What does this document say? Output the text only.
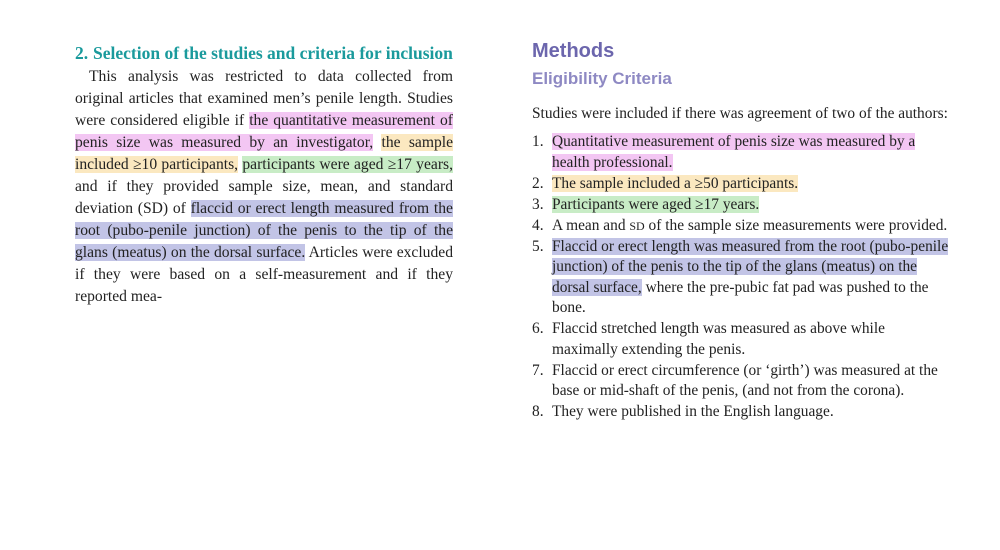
2. Selection of the studies and criteria for inclusion

This analysis was restricted to data collected from original articles that examined men’s penile length. Studies were considered eligible if the quantitative measurement of penis size was measured by an investigator, the sample included ≥10 participants, participants were aged ≥17 years, and if they provided sample size, mean, and standard deviation (SD) of flaccid or erect length measured from the root (pubo-penile junction) of the penis to the tip of the glans (meatus) on the dorsal surface. Articles were excluded if they were based on a self-measurement and if they reported mea-

Methods
Eligibility Criteria

Studies were included if there was agreement of two of the authors:

1. Quantitative measurement of penis size was measured by a health professional.
2. The sample included a ≥50 participants.
3. Participants were aged ≥17 years.
4. A mean and SD of the sample size measurements were provided.
5. Flaccid or erect length was measured from the root (pubo-penile junction) of the penis to the tip of the glans (meatus) on the dorsal surface, where the pre-pubic fat pad was pushed to the bone.
6. Flaccid stretched length was measured as above while maximally extending the penis.
7. Flaccid or erect circumference (or ‘girth’) was measured at the base or mid-shaft of the penis, (and not from the corona).
8. They were published in the English language.
